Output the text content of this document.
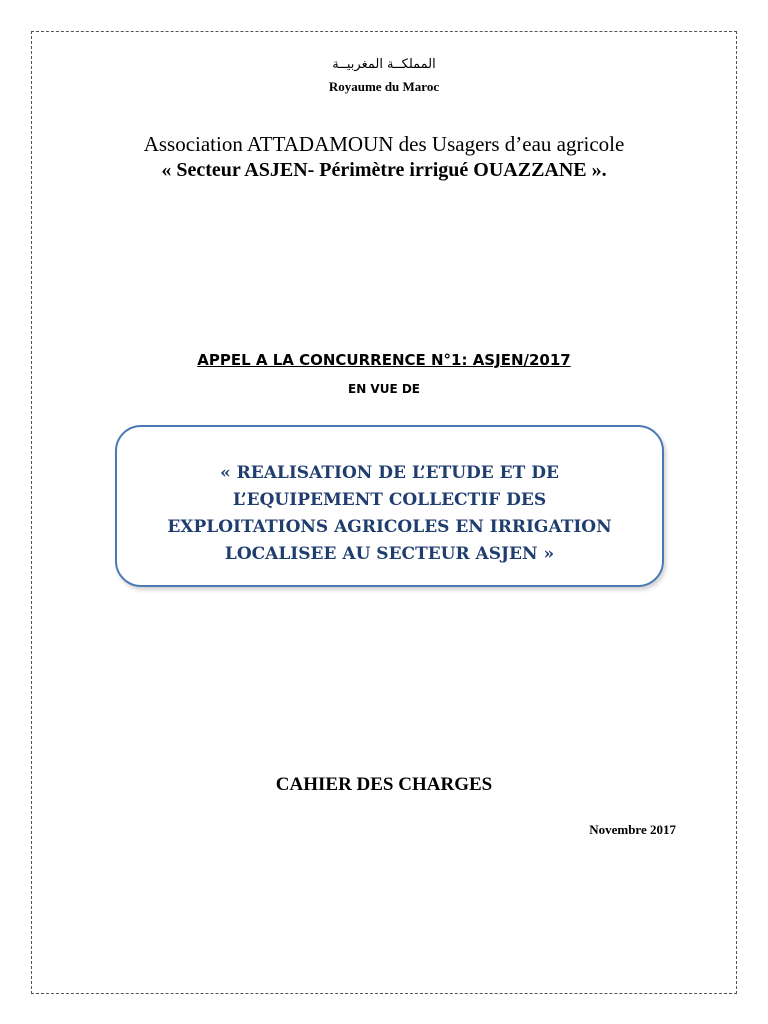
المملكــة المغربيــة
Royaume du Maroc
Association ATTADAMOUN des Usagers d’eau agricole
« Secteur ASJEN- Périmètre irrigué OUAZZANE ».
APPEL A LA CONCURRENCE N°1: ASJEN/2017
EN VUE DE
« REALISATION DE L’ETUDE ET DE
L’EQUIPEMENT COLLECTIF DES
EXPLOITATIONS AGRICOLES EN IRRIGATION
LOCALISEE AU SECTEUR ASJEN »
CAHIER DES CHARGES
Novembre 2017
